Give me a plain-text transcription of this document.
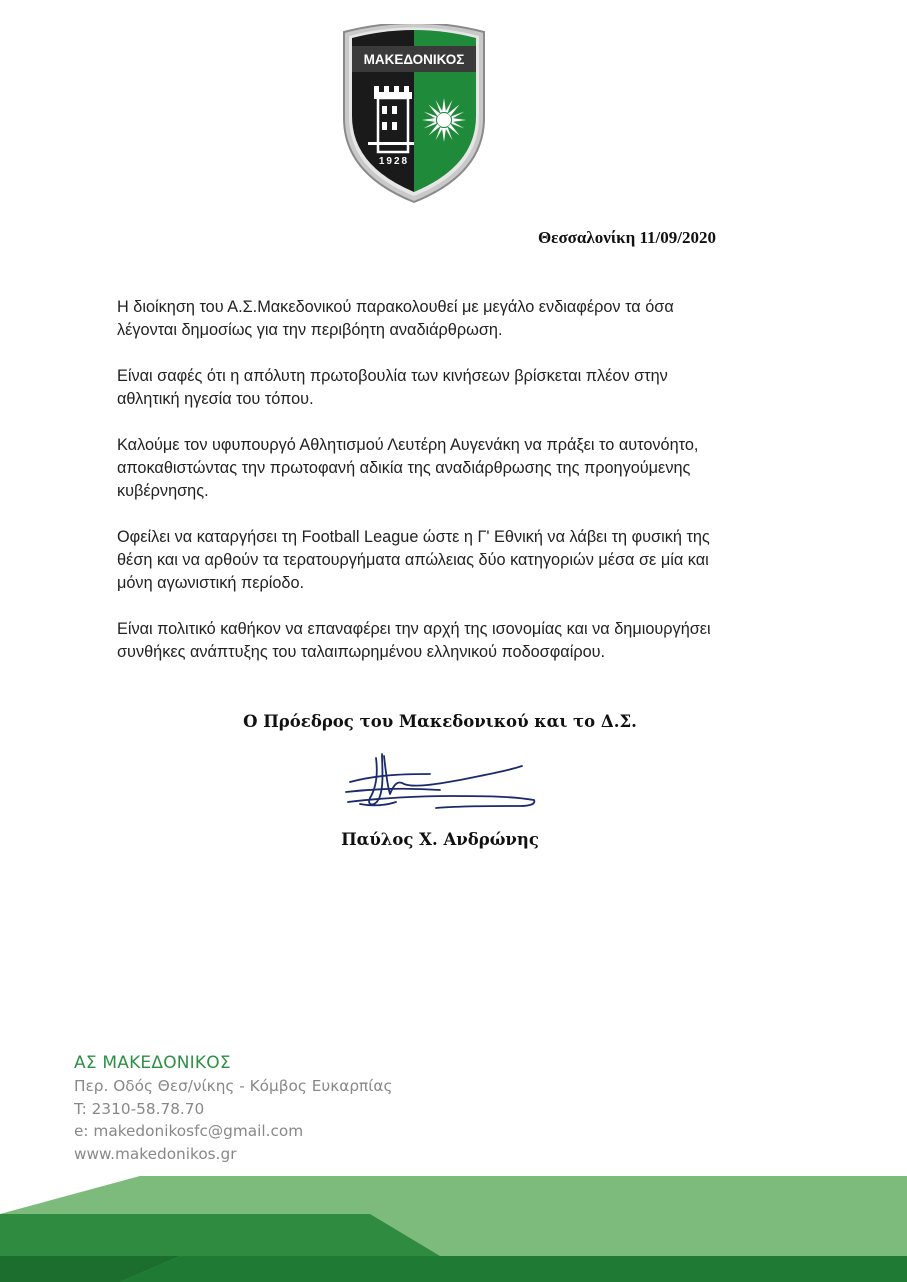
ΜΑΚΕΔΟΝΙΚΟΣ
1928
Θεσσαλονίκη 11/09/2020

Η διοίκηση του Α.Σ.Μακεδονικού παρακολουθεί με μεγάλο ενδιαφέρον τα όσα
λέγονται δημοσίως για την περιβόητη αναδιάρθρωση.

Είναι σαφές ότι η απόλυτη πρωτοβουλία των κινήσεων βρίσκεται πλέον στην
αθλητική ηγεσία του τόπου.

Καλούμε τον υφυπουργό Αθλητισμού Λευτέρη Αυγενάκη να πράξει το αυτονόητο,
αποκαθιστώντας την πρωτοφανή αδικία της αναδιάρθρωσης της προηγούμενης
κυβέρνησης.

Οφείλει να καταργήσει τη Football League ώστε η Γ' Εθνική να λάβει τη φυσική της
θέση και να αρθούν τα τερατουργήματα απώλειας δύο κατηγοριών μέσα σε μία και
μόνη αγωνιστική περίοδο.

Είναι πολιτικό καθήκον να επαναφέρει την αρχή της ισονομίας και να δημιουργήσει
συνθήκες ανάπτυξης του ταλαιπωρημένου ελληνικού ποδοσφαίρου.

Ο Πρόεδρος του Μακεδονικού και το Δ.Σ.
Παύλος Χ. Ανδρώνης
ΑΣ ΜΑΚΕΔΟΝΙΚΟΣ
Περ. Οδός Θεσ/νίκης - Κόμβος Ευκαρπίας
T: 2310-58.78.70
e: makedonikosfc@gmail.com
www.makedonikos.gr
